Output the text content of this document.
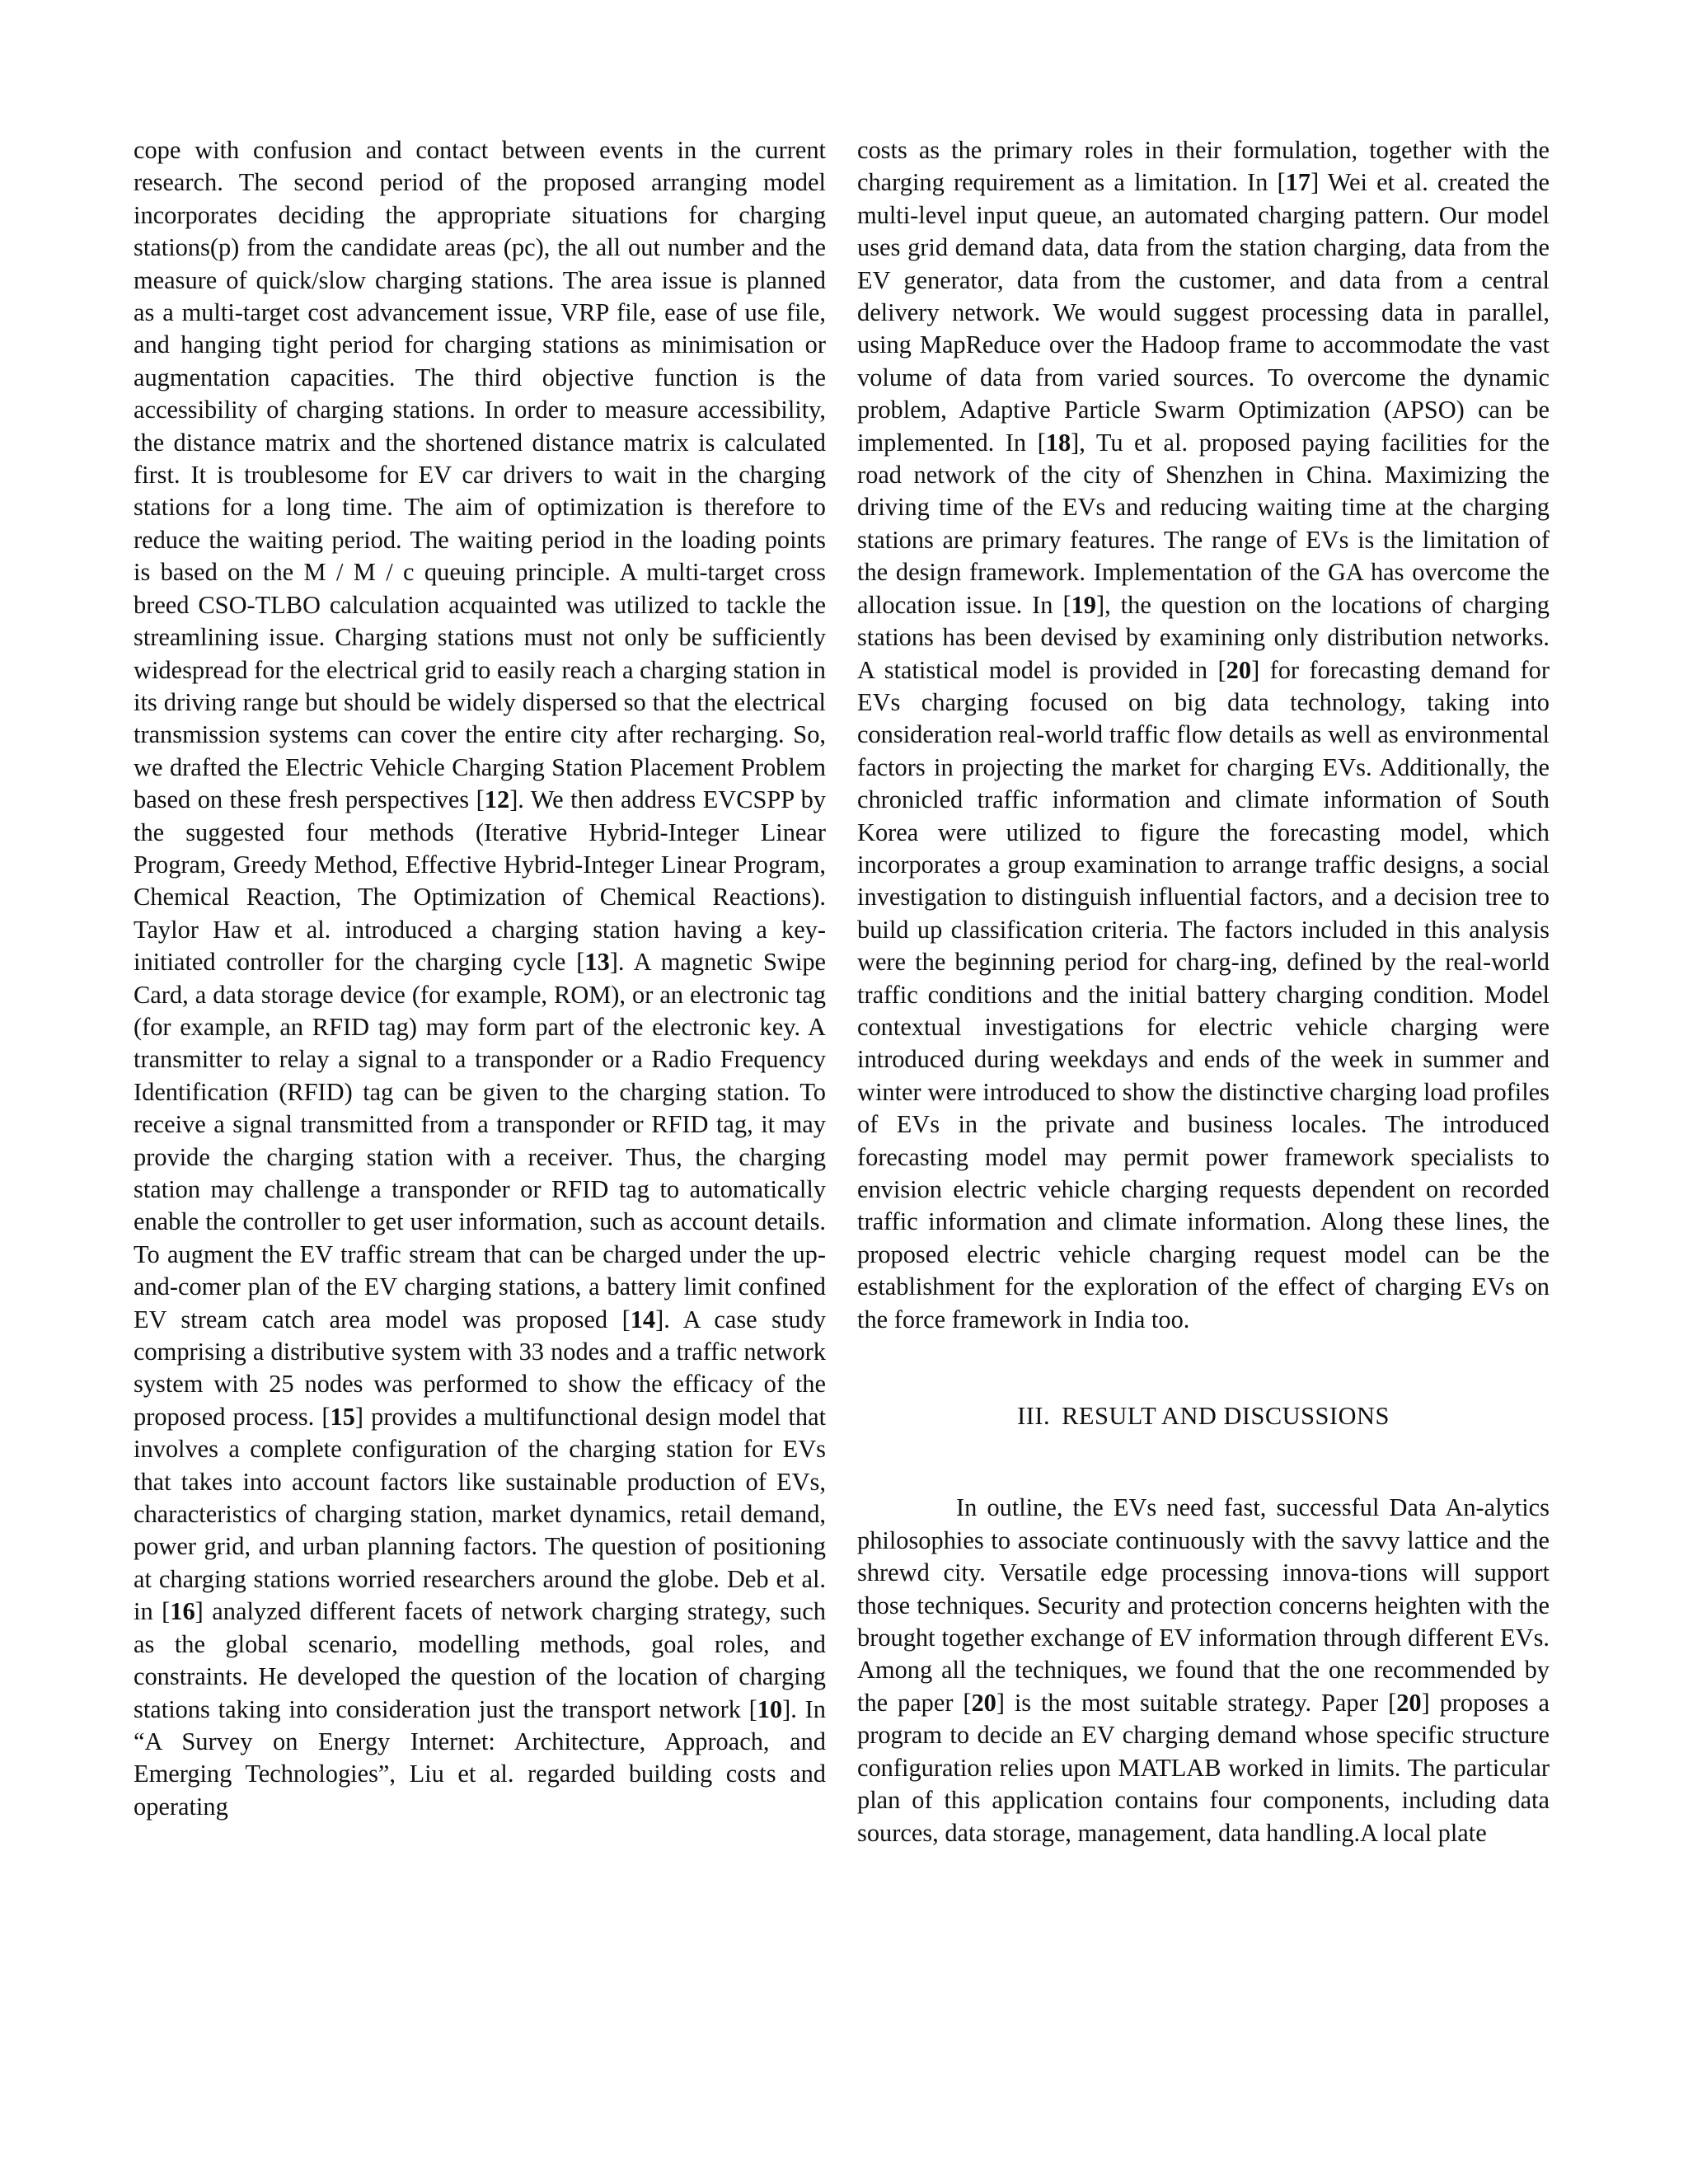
cope with confusion and contact between events in the current research. The second period of the proposed arranging model incorporates deciding the appropriate situations for charging stations(p) from the candidate areas (pc), the all out number and the measure of quick/slow charging stations. The area issue is planned as a multi-target cost advancement issue, VRP file, ease of use file, and hanging tight period for charging stations as minimisation or augmentation capacities. The third objective function is the accessibility of charging stations. In order to measure accessibility, the distance matrix and the shortened distance matrix is calculated first. It is troublesome for EV car drivers to wait in the charging stations for a long time. The aim of optimization is therefore to reduce the waiting period. The waiting period in the loading points is based on the M / M / c queuing principle. A multi-target cross breed CSO-TLBO calculation acquainted was utilized to tackle the streamlining issue. Charging stations must not only be sufficiently widespread for the electrical grid to easily reach a charging station in its driving range but should be widely dispersed so that the electrical transmission systems can cover the entire city after recharging. So, we drafted the Electric Vehicle Charging Station Placement Problem based on these fresh perspectives [12]. We then address EVCSPP by the suggested four methods (Iterative Hybrid-Integer Linear Program, Greedy Method, Effective Hybrid-Integer Linear Program, Chemical Reaction, The Optimization of Chemical Reactions). Taylor Haw et al. introduced a charging station having a key-initiated controller for the charging cycle [13]. A magnetic Swipe Card, a data storage device (for example, ROM), or an electronic tag (for example, an RFID tag) may form part of the electronic key. A transmitter to relay a signal to a transponder or a Radio Frequency Identification (RFID) tag can be given to the charging station. To receive a signal transmitted from a transponder or RFID tag, it may provide the charging station with a receiver. Thus, the charging station may challenge a transponder or RFID tag to automatically enable the controller to get user information, such as account details. To augment the EV traffic stream that can be charged under the up-and-comer plan of the EV charging stations, a battery limit confined EV stream catch area model was proposed [14]. A case study comprising a distributive system with 33 nodes and a traffic network system with 25 nodes was performed to show the efficacy of the proposed process. [15] provides a multifunctional design model that involves a complete configuration of the charging station for EVs that takes into account factors like sustainable production of EVs, characteristics of charging station, market dynamics, retail demand, power grid, and urban planning factors. The question of positioning at charging stations worried researchers around the globe. Deb et al. in [16] analyzed different facets of network charging strategy, such as the global scenario, modelling methods, goal roles, and constraints. He developed the question of the location of charging stations taking into consideration just the transport network [10]. In “A Survey on Energy Internet: Architecture, Approach, and Emerging Technologies”, Liu et al. regarded building costs and operating

costs as the primary roles in their formulation, together with the charging requirement as a limitation. In [17] Wei et al. created the multi-level input queue, an automated charging pattern. Our model uses grid demand data, data from the station charging, data from the EV generator, data from the customer, and data from a central delivery network. We would suggest processing data in parallel, using MapReduce over the Hadoop frame to accommodate the vast volume of data from varied sources. To overcome the dynamic problem, Adaptive Particle Swarm Optimization (APSO) can be implemented. In [18], Tu et al. proposed paying facilities for the road network of the city of Shenzhen in China. Maximizing the driving time of the EVs and reducing waiting time at the charging stations are primary features. The range of EVs is the limitation of the design framework. Implementation of the GA has overcome the allocation issue. In [19], the question on the locations of charging stations has been devised by examining only distribution networks. A statistical model is provided in [20] for forecasting demand for EVs charging focused on big data technology, taking into consideration real-world traffic flow details as well as environmental factors in projecting the market for charging EVs. Additionally, the chronicled traffic information and climate information of South Korea were utilized to figure the forecasting model, which incorporates a group examination to arrange traffic designs, a social investigation to distinguish influential factors, and a decision tree to build up classification criteria. The factors included in this analysis were the beginning period for charg-ing, defined by the real-world traffic conditions and the initial battery charging condition. Model contextual investigations for electric vehicle charging were introduced during weekdays and ends of the week in summer and winter were introduced to show the distinctive charging load profiles of EVs in the private and business locales. The introduced forecasting model may permit power framework specialists to envision electric vehicle charging requests dependent on recorded traffic information and climate information. Along these lines, the proposed electric vehicle charging request model can be the establishment for the exploration of the effect of charging EVs on the force framework in India too.

III. RESULT AND DISCUSSIONS

In outline, the EVs need fast, successful Data An-alytics philosophies to associate continuously with the savvy lattice and the shrewd city. Versatile edge processing innova-tions will support those techniques. Security and protection concerns heighten with the brought together exchange of EV information through different EVs. Among all the techniques, we found that the one recommended by the paper [20] is the most suitable strategy. Paper [20] proposes a program to decide an EV charging demand whose specific structure configuration relies upon MATLAB worked in limits. The particular plan of this application contains four components, including data sources, data storage, management, data handling.A local plate
